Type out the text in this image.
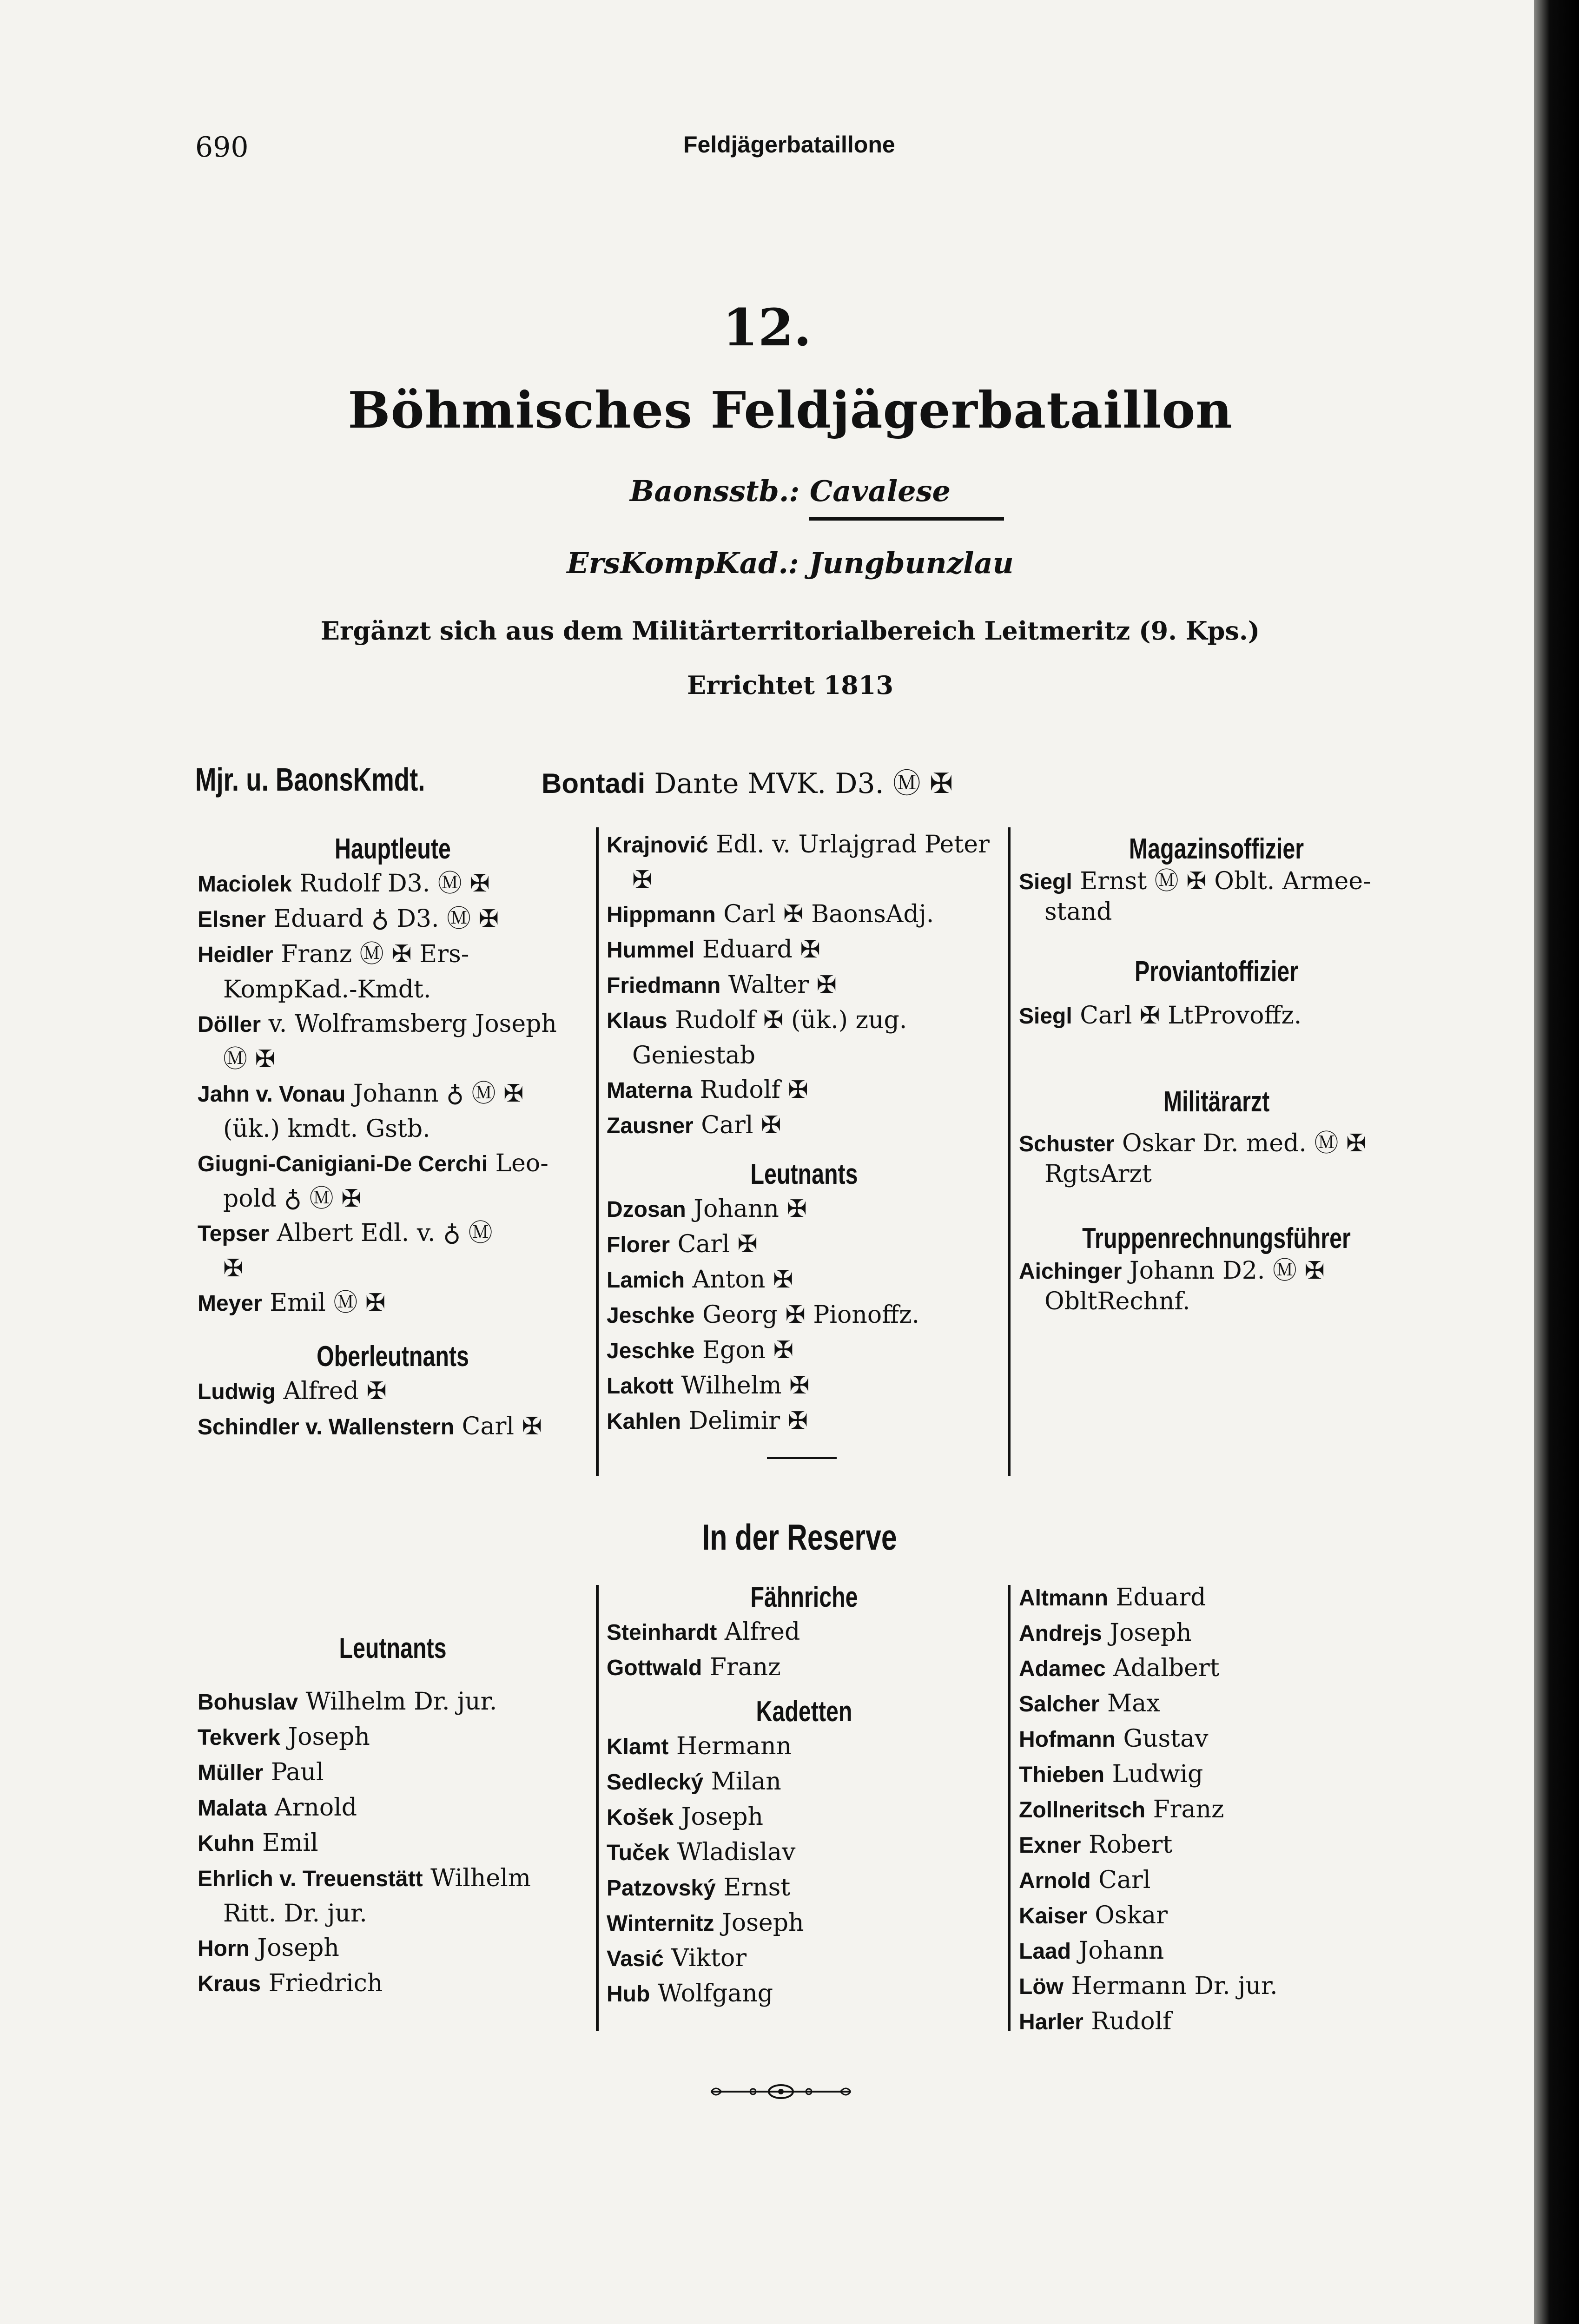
690	Feldjägerbataillone
12.
Böhmisches Feldjägerbataillon
Baonsstb.: Cavalese
ErsKompKad.: Jungbunzlau
Ergänzt sich aus dem Militärterritorialbereich Leitmeritz (9. Kps.)
Errichtet 1813
Mjr. u. BaonsKmdt.	Bontadi Dante MVK. D3. Ⓜ ✠
Hauptleute
Maciolek Rudolf D3. Ⓜ ✠
Elsner Eduard ♁ D3. Ⓜ ✠
Heidler Franz Ⓜ ✠ Ers-
KompKad.-Kmdt.
Döller v. Wolframsberg Joseph
Ⓜ ✠
Jahn v. Vonau Johann ♁ Ⓜ ✠
(ük.) kmdt. Gstb.
Giugni-Canigiani-De Cerchi Leo-
pold ♁ Ⓜ ✠
Tepser Albert Edl. v. ♁ Ⓜ
✠
Meyer Emil Ⓜ ✠
Oberleutnants
Ludwig Alfred ✠
Schindler v. Wallenstern Carl ✠
Krajnović Edl. v. Urlajgrad Peter
✠
Hippmann Carl ✠ BaonsAdj.
Hummel Eduard ✠
Friedmann Walter ✠
Klaus Rudolf ✠ (ük.) zug.
Geniestab
Materna Rudolf ✠
Zausner Carl ✠
Leutnants
Dzosan Johann ✠
Florer Carl ✠
Lamich Anton ✠
Jeschke Georg ✠ Pionoffz.
Jeschke Egon ✠
Lakott Wilhelm ✠
Kahlen Delimir ✠
Magazinsoffizier
Siegl Ernst Ⓜ ✠ Oblt. Armee-
stand
Proviantoffizier
Siegl Carl ✠ LtProvoffz.
Militärarzt
Schuster Oskar Dr. med. Ⓜ ✠
RgtsArzt
Truppenrechnungsführer
Aichinger Johann D2. Ⓜ ✠
ObltRechnf.
In der Reserve
Leutnants
Bohuslav Wilhelm Dr. jur.
Tekverk Joseph
Müller Paul
Malata Arnold
Kuhn Emil
Ehrlich v. Treuenstätt Wilhelm
Ritt. Dr. jur.
Horn Joseph
Kraus Friedrich
Fähnriche
Steinhardt Alfred
Gottwald Franz
Kadetten
Klamt Hermann
Sedlecký Milan
Košek Joseph
Tuček Wladislav
Patzovský Ernst
Winternitz Joseph
Vasić Viktor
Hub Wolfgang
Altmann Eduard
Andrejs Joseph
Adamec Adalbert
Salcher Max
Hofmann Gustav
Thieben Ludwig
Zollneritsch Franz
Exner Robert
Arnold Carl
Kaiser Oskar
Laad Johann
Löw Hermann Dr. jur.
Harler Rudolf
